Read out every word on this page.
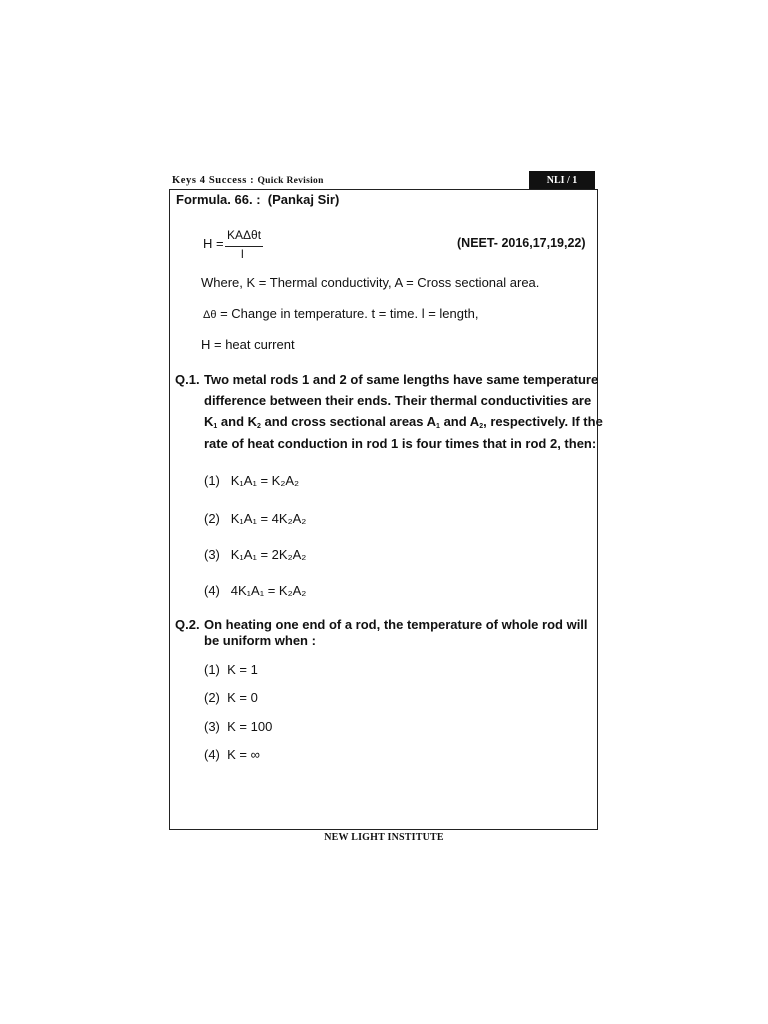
Keys 4 Success : Quick Revision	NLI / 1
Formula. 66. : (Pankaj Sir)
H =
KAΔθt
l
(NEET- 2016,17,19,22)
Where, K = Thermal conductivity, A = Cross sectional area.
Δθ = Change in temperature. t = time. l = length,
H = heat current
Q.1. Two metal rods 1 and 2 of same lengths have same temperature
difference between their ends. Their thermal conductivities are
$K_1$ and $K_2$ and cross sectional areas $A_1$ and $A_2$, respectively. If the
rate of heat conduction in rod 1 is four times that in rod 2, then:
(1) K₁A₁ = K₂A₂
(2) K₁A₁ = 4K₂A₂
(3) K₁A₁ = 2K₂A₂
(4) 4K₁A₁ = K₂A₂
Q.2. On heating one end of a rod, the temperature of whole rod will
be uniform when :
(1) K = 1
(2) K = 0
(3) K = 100
(4) K = ∞
NEW LIGHT INSTITUTE
